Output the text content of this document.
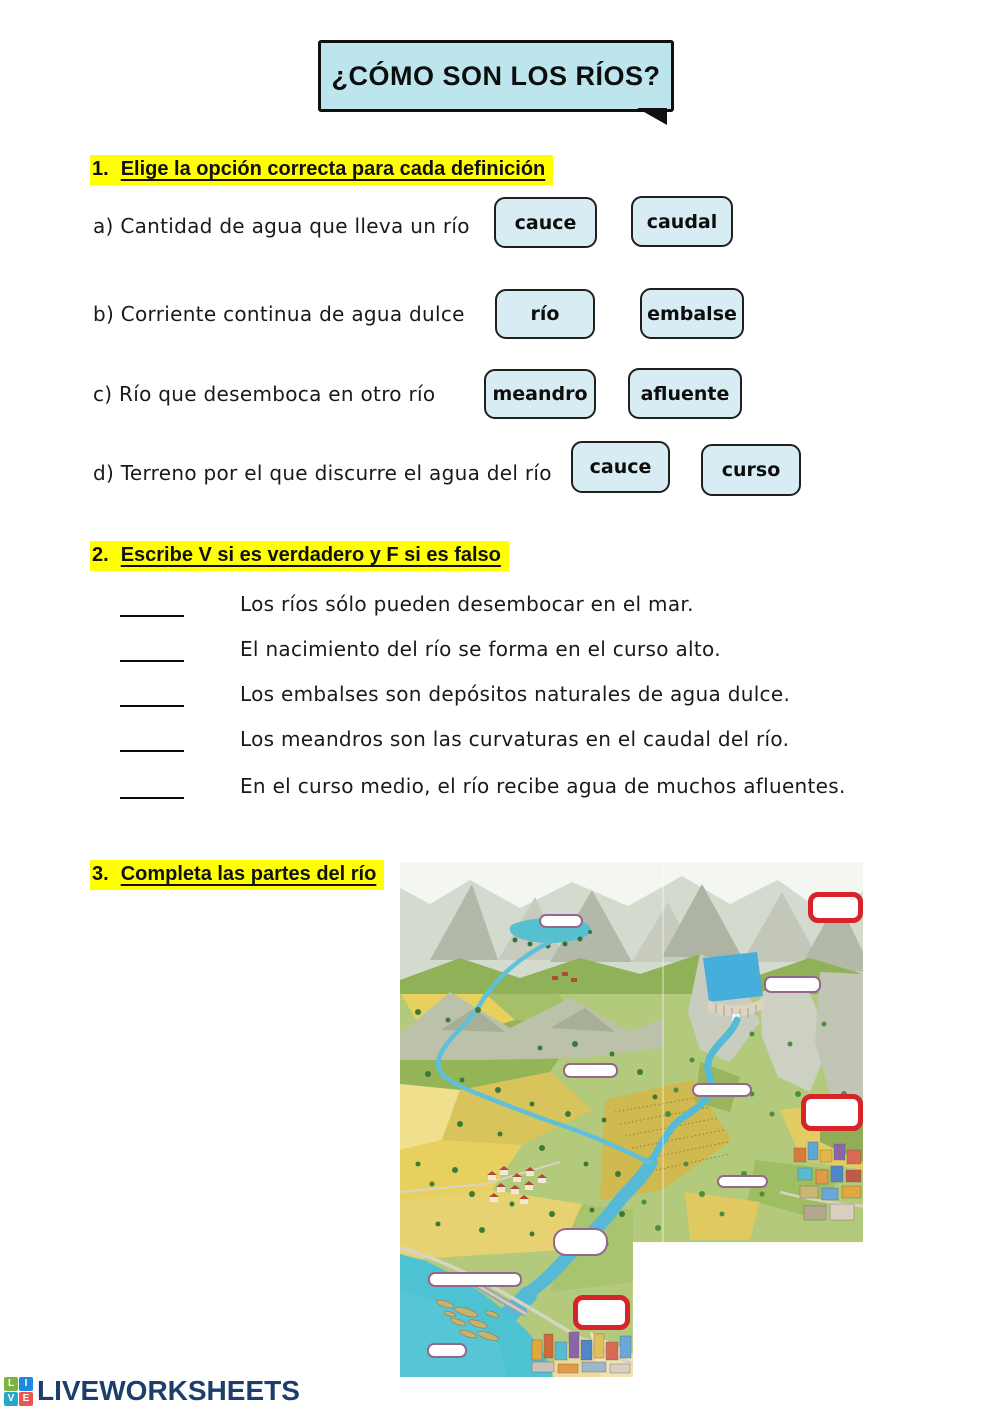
¿CÓMO SON LOS RÍOS?
1. Elige la opción correcta para cada definición
a) Cantidad de agua que lleva un río	cauce	caudal
b) Corriente continua de agua dulce	río	embalse
c) Río que desemboca en otro río	meandro	afluente
d) Terreno por el que discurre el agua del río	cauce	curso
2. Escribe V si es verdadero y F si es falso
Los ríos sólo pueden desembocar en el mar.
El nacimiento del río se forma en el curso alto.
Los embalses son depósitos naturales de agua dulce.
Los meandros son las curvaturas en el caudal del río.
En el curso medio, el río recibe agua de muchos afluentes.
3. Completa las partes del río
L	I
V E LIVEWORKSHEETS
